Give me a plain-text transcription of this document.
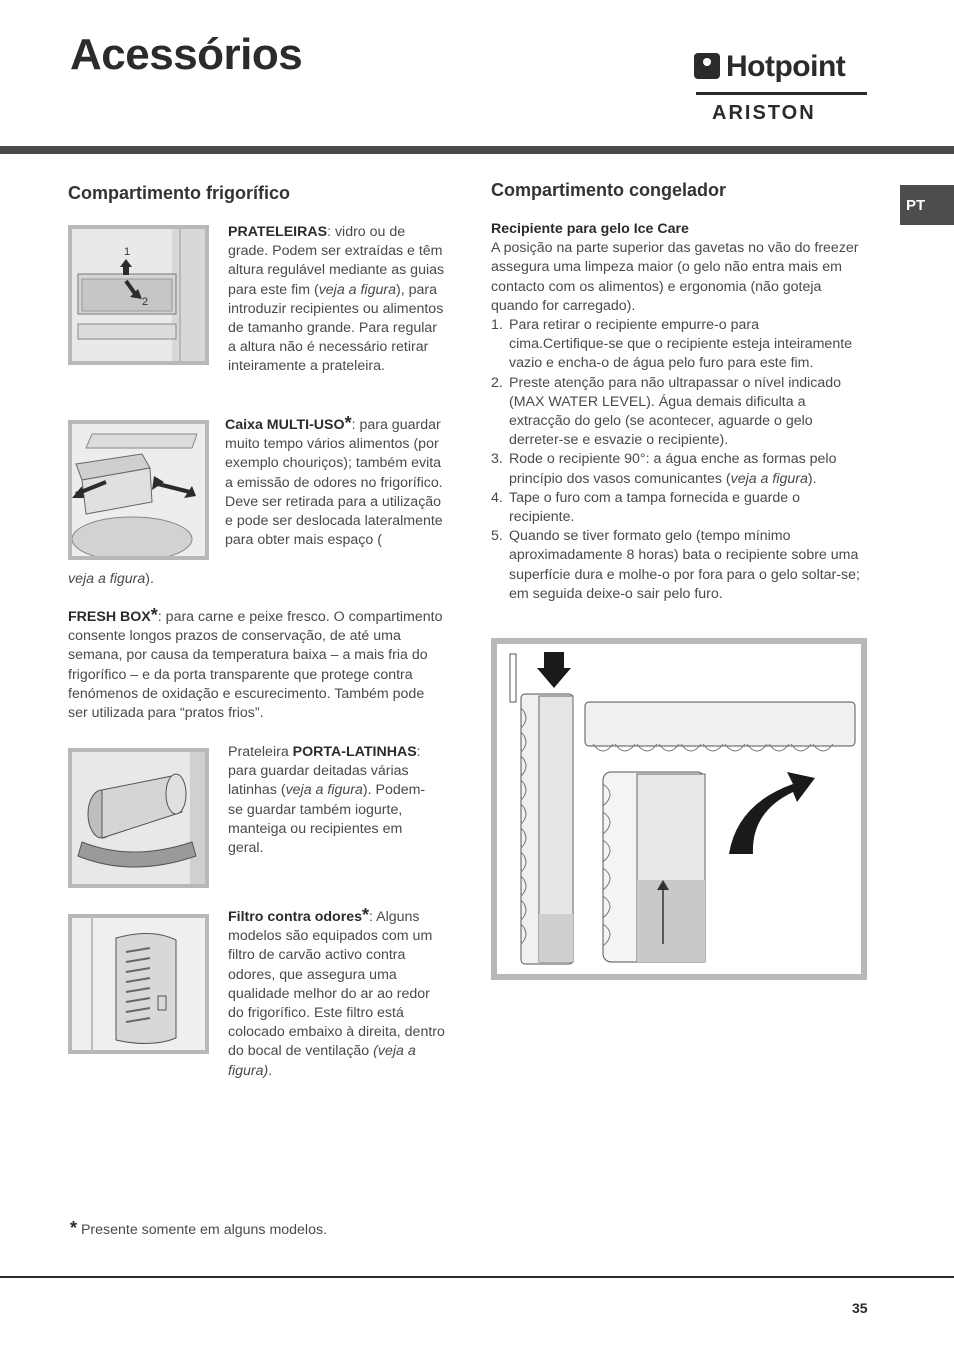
Acessórios	Hotpoint
ARISTON
PT
Compartimento frigorífico
1
2
PRATELEIRAS: vidro ou de grade. Podem ser extraídas e têm altura regulável mediante as guias para este fim (veja a figura), para introduzir recipientes ou alimentos de tamanho grande. Para regular a altura não é necessário retirar inteiramente a prateleira.
Caixa MULTI-USO*: para guardar muito tempo vários alimentos (por exemplo chouriços); também evita a emissão de odores no frigorífico. Deve ser retirada para a utilização e pode ser deslocada lateralmente para obter mais espaço (
veja a figura).
FRESH BOX*: para carne e peixe fresco. O compartimento consente longos prazos de conservação, de até uma semana, por causa da temperatura baixa – a mais fria do frigorífico – e da porta transparente que protege contra fenómenos de oxidação e escurecimento. Também pode ser utilizada para “pratos frios”.
Prateleira PORTA-LATINHAS: para guardar deitadas várias latinhas (veja a figura). Podem-se guardar também iogurte, manteiga ou recipientes em geral.
Filtro contra odores*: Alguns modelos são equipados com um filtro de carvão activo contra odores, que assegura uma qualidade melhor do ar ao redor do frigorífico. Este filtro está colocado embaixo à direita, dentro do bocal de ventilação (veja a figura).
Compartimento congelador
Recipiente para gelo Ice Care
A posição na parte superior das gavetas no vão do freezer assegura uma limpeza maior (o gelo não entra mais em contacto com os alimentos) e ergonomia (não goteja quando for carregado).
1. Para retirar o recipiente empurre-o para cima.Certifique-se que o recipiente esteja inteiramente vazio e encha-o de água pelo furo para este fim.
2. Preste atenção para não ultrapassar o nível indicado (MAX WATER LEVEL). Água demais dificulta a extracção do gelo (se acontecer, aguarde o gelo derreter-se e esvazie o recipiente).
3. Rode o recipiente 90°: a água enche as formas pelo princípio dos vasos comunicantes (veja a figura).
4. Tape o furo com a tampa fornecida e guarde o recipiente.
5. Quando se tiver formato gelo (tempo mínimo aproximadamente 8 horas) bata o recipiente sobre uma superfície dura e molhe-o por fora para o gelo soltar-se; em seguida deixe-o sair pelo furo.
* Presente somente em alguns modelos.
35
